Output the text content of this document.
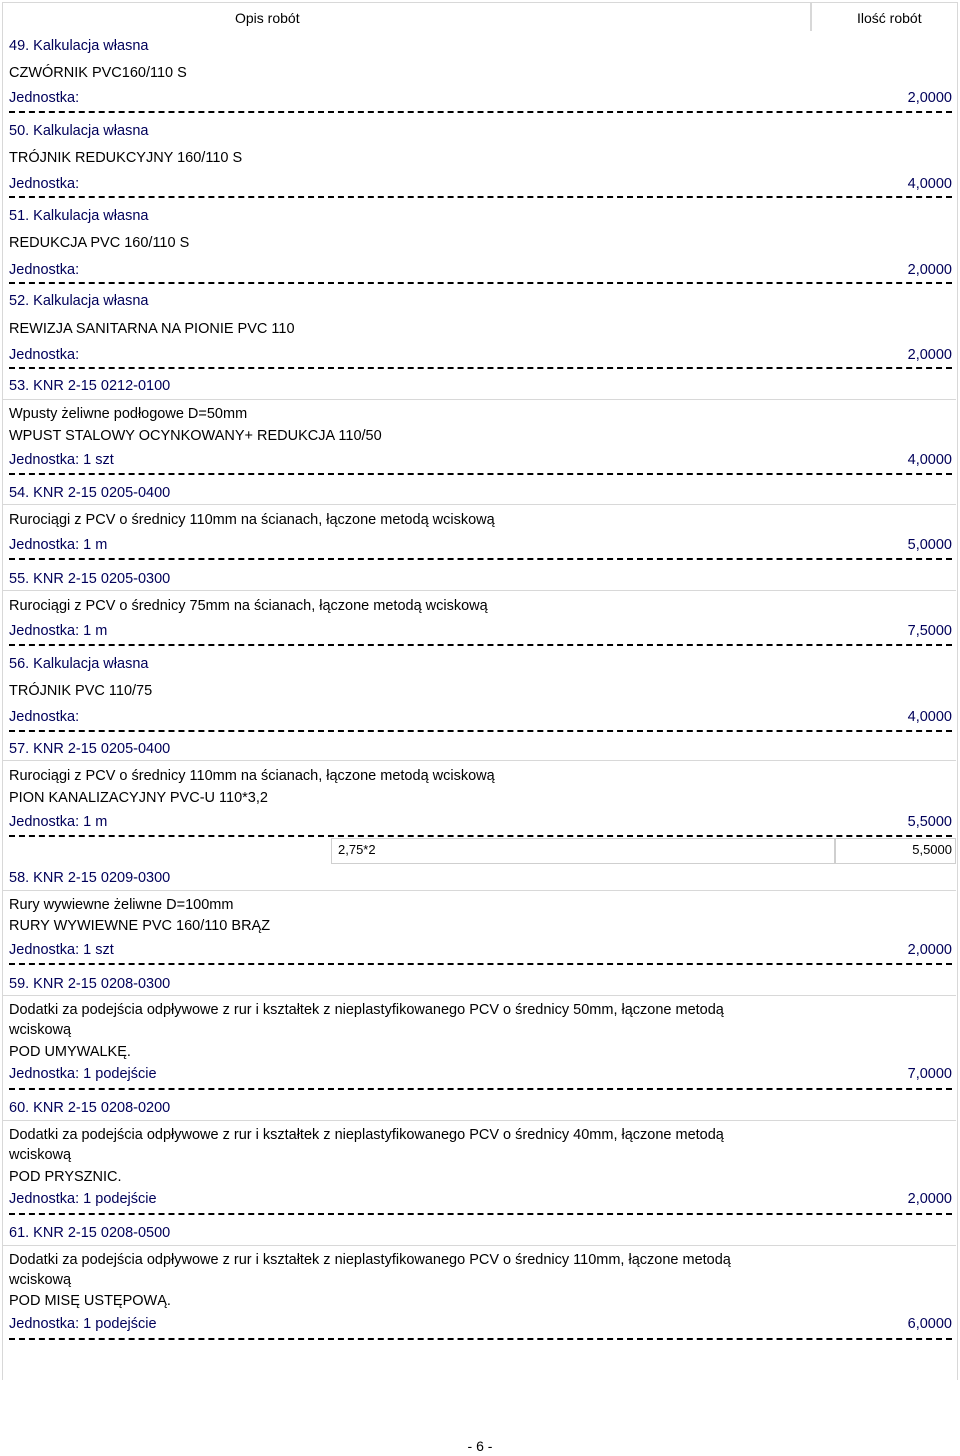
Opis robót	Ilość robót
49. Kalkulacja własna
CZWÓRNIK PVC160/110 S
Jednostka:	2,0000
50. Kalkulacja własna
TRÓJNIK REDUKCYJNY 160/110 S
Jednostka:	4,0000
51. Kalkulacja własna
REDUKCJA PVC 160/110 S
Jednostka:	2,0000
52. Kalkulacja własna
REWIZJA SANITARNA NA PIONIE PVC 110
Jednostka:	2,0000
53. KNR 2-15 0212-0100
Wpusty żeliwne podłogowe D=50mm
WPUST STALOWY OCYNKOWANY+ REDUKCJA 110/50
Jednostka: 1 szt	4,0000
54. KNR 2-15 0205-0400
Rurociągi z PCV o średnicy 110mm na ścianach, łączone metodą wciskową
Jednostka: 1 m	5,0000
55. KNR 2-15 0205-0300
Rurociągi z PCV o średnicy 75mm na ścianach, łączone metodą wciskową
Jednostka: 1 m	7,5000
56. Kalkulacja własna
TRÓJNIK PVC 110/75
Jednostka:	4,0000
57. KNR 2-15 0205-0400
Rurociągi z PCV o średnicy 110mm na ścianach, łączone metodą wciskową
PION KANALIZACYJNY PVC-U 110*3,2
Jednostka: 1 m	5,5000
2,75*2	5,5000
58. KNR 2-15 0209-0300
Rury wywiewne żeliwne D=100mm
RURY WYWIEWNE PVC 160/110 BRĄZ
Jednostka: 1 szt	2,0000
59. KNR 2-15 0208-0300
Dodatki za podejścia odpływowe z rur i kształtek z nieplastyfikowanego PCV o średnicy 50mm, łączone metodą
wciskową
POD UMYWALKĘ.
Jednostka: 1 podejście	7,0000
60. KNR 2-15 0208-0200
Dodatki za podejścia odpływowe z rur i kształtek z nieplastyfikowanego PCV o średnicy 40mm, łączone metodą
wciskową
POD PRYSZNIC.
Jednostka: 1 podejście	2,0000
61. KNR 2-15 0208-0500
Dodatki za podejścia odpływowe z rur i kształtek z nieplastyfikowanego PCV o średnicy 110mm, łączone metodą
wciskową
POD MISĘ USTĘPOWĄ.
Jednostka: 1 podejście	6,0000
- 6 -
